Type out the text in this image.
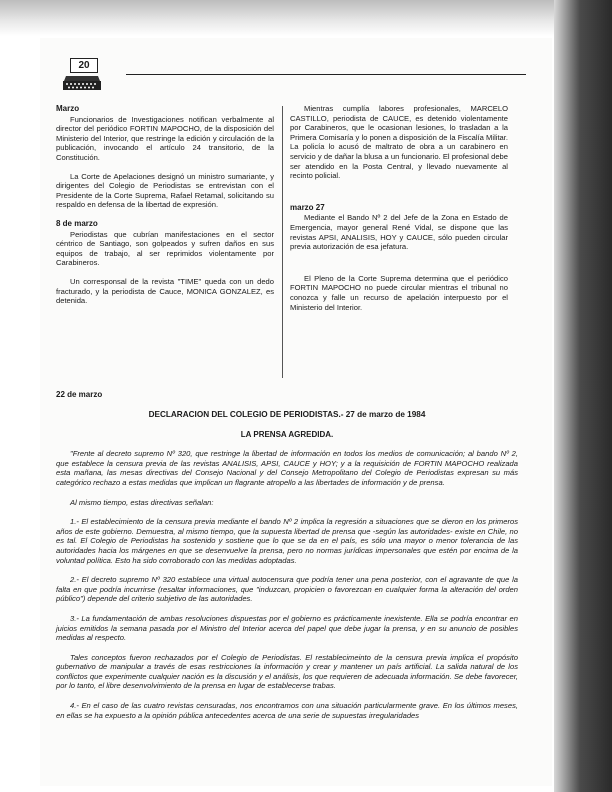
20
Marzo

Funcionarios de Investigaciones notifican verbalmente al director del periódico FORTIN MAPOCHO, de la disposición del Ministerio del Interior, que restringe la edición y circulación de la publicación, invocando el artículo 24 transitorio, de la Constitución.

La Corte de Apelaciones designó un ministro sumariante, y dirigentes del Colegio de Periodistas se entrevistan con el Presidente de la Corte Suprema, Rafael Retamal, solicitando su respaldo en defensa de la libertad de expresión.

8 de marzo

Periodistas que cubrían manifestaciones en el sector céntrico de Santiago, son golpeados y sufren daños en sus equipos de trabajo, al ser reprimidos violentamente por Carabineros.

Un corresponsal de la revista "TIME" queda con un dedo fracturado, y la periodista de Cauce, MONICA GONZALEZ, es detenida.

Mientras cumplía labores profesionales, MARCELO CASTILLO, periodista de CAUCE, es detenido violentamente por Carabineros, que le ocasionan lesiones, lo trasladan a la Primera Comisaría y lo ponen a disposición de la Fiscalía Militar. La policía lo acusó de maltrato de obra a un carabinero en servicio y de dañar la blusa a un funcionario. El profesional debe ser atendido en la Posta Central, y llevado nuevamente al recinto policial.

marzo 27

Mediante el Bando Nº 2 del Jefe de la Zona en Estado de Emergencia, mayor general René Vidal, se dispone que las revistas APSI, ANALISIS, HOY y CAUCE, sólo pueden circular previa autorización de esa jefatura.

El Pleno de la Corte Suprema determina que el periódico FORTIN MAPOCHO no puede circular mientras el tribunal no conozca y falle un recurso de apelación interpuesto por el Ministerio del Interior.

22 de marzo
DECLARACION DEL COLEGIO DE PERIODISTAS.- 27 de marzo de 1984
LA PRENSA AGREDIDA.

"Frente al decreto supremo Nº 320, que restringe la libertad de información en todos los medios de comunicación; al bando Nº 2, que establece la censura previa de las revistas ANALISIS, APSI, CAUCE y HOY; y a la requisición de FORTIN MAPOCHO realizada esta mañana, las mesas directivas del Consejo Nacional y del Consejo Metropolitano del Colegio de Periodistas expresan su más categórico rechazo a estas medidas que implican un flagrante atropello a las libertades de información y de prensa.

Al mismo tiempo, estas directivas señalan:

1.- El establecimiento de la censura previa mediante el bando Nº 2 implica la regresión a situaciones que se dieron en los primeros años de este gobierno. Demuestra, al mismo tiempo, que la supuesta libertad de prensa que -según las autoridades- existe en Chile, no es tal. El Colegio de Periodistas ha sostenido y sostiene que lo que se da en el país, es sólo una mayor o menor tolerancia de las autoridades hacia los márgenes en que se desenvuelve la prensa, pero no normas jurídicas impersonales que estén por encima de la voluntad política. Esto ha sido corroborado con las medidas adoptadas.

2.- El decreto supremo Nº 320 establece una virtual autocensura que podría tener una pena posterior, con el agravante de que la falta en que podría incurrirse (resaltar informaciones, que "induzcan, propicien o favorezcan en cualquier forma la alteración del orden público") depende del criterio subjetivo de las autoridades.

3.- La fundamentación de ambas resoluciones dispuestas por el gobierno es prácticamente inexistente. Ella se podría encontrar en juicios emitidos la semana pasada por el Ministro del Interior acerca del papel que debe jugar la prensa, y en su anuncio de posibles medidas al respecto.

Tales conceptos fueron rechazados por el Colegio de Periodistas. El restablecimeinto de la censura previa implica el propósito gubernativo de manipular a través de esas restricciones la información y crear y mantener un país artificial. La salida natural de los conflictos que experimente cualquier nación es la discusión y el análisis, los que requieren de adecuada información. Se debe favorecer, por lo tanto, el libre desenvolvimiento de la prensa en lugar de establecerse trabas.

4.- En el caso de las cuatro revistas censuradas, nos encontramos con una situación particularmente grave. En los últimos meses, en ellas se ha expuesto a la opinión pública antecedentes acerca de una serie de supuestas irregularidades
